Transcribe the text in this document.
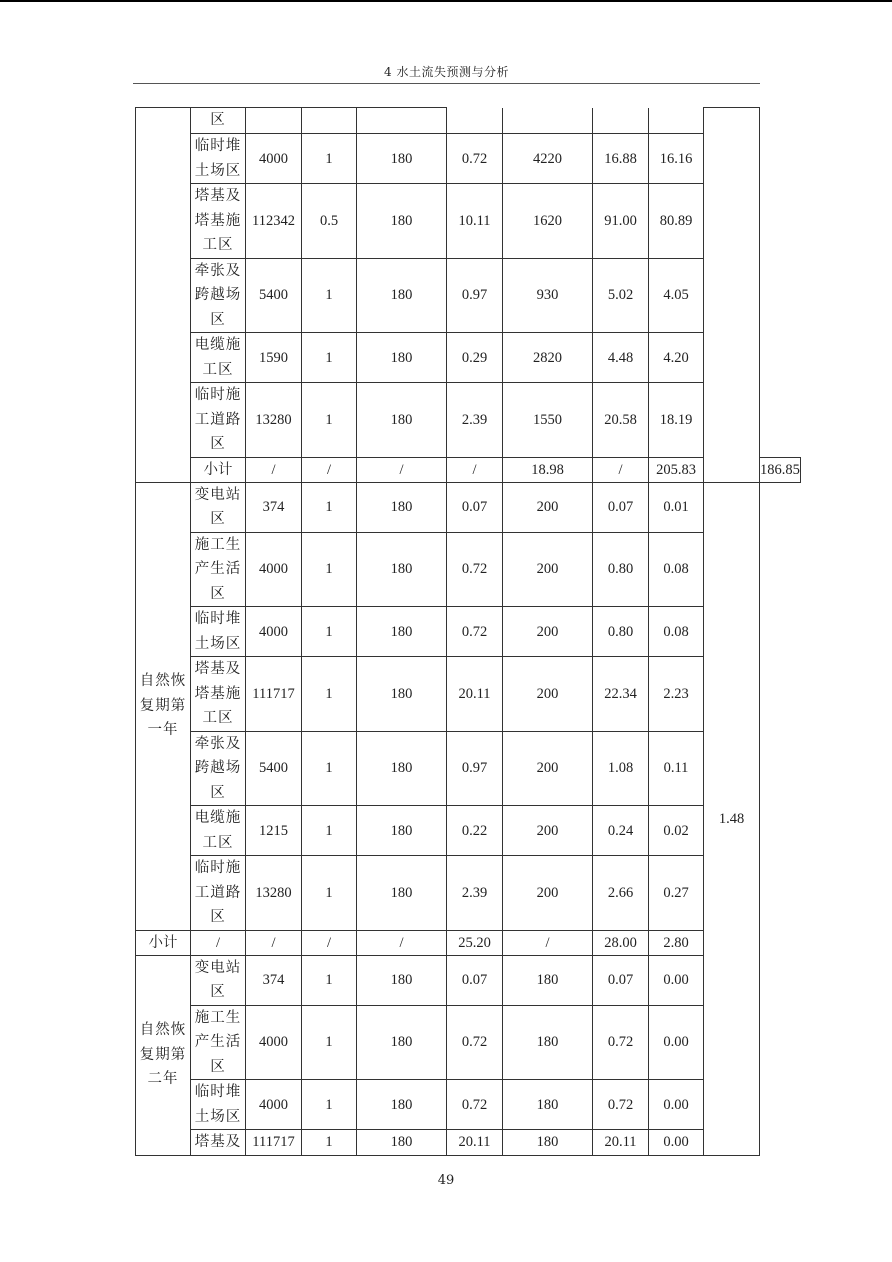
4 水土流失预测与分析
	区									
	临时堆土场区	4000	1	180	0.72	4220	16.88	16.16		
	塔基及塔基施工区	112342	0.5	180	10.11	1620	91.00	80.89		
	牵张及跨越场区	5400	1	180	0.97	930	5.02	4.05		
	电缆施工区	1590	1	180	0.29	2820	4.48	4.20		
	临时施工道路区	13280	1	180	2.39	1550	20.58	18.19		
	小计	/	/	/	/	18.98	/	205.83		186.85
自然恢复期第一年	变电站区	374	1	180	0.07	200	0.07	0.01	1.48	
	施工生产生活区	4000	1	180	0.72	200	0.80	0.08		
	临时堆土场区	4000	1	180	0.72	200	0.80	0.08		
	塔基及塔基施工区	111717	1	180	20.11	200	22.34	2.23		
	牵张及跨越场区	5400	1	180	0.97	200	1.08	0.11		
	电缆施工区	1215	1	180	0.22	200	0.24	0.02		
	临时施工道路区	13280	1	180	2.39	200	2.66	0.27		
小计	/	/	/	/	25.20	/	28.00	2.80		
自然恢复期第二年	变电站区	374	1	180	0.07	180	0.07	0.00		
	施工生产生活区	4000	1	180	0.72	180	0.72	0.00		
	临时堆土场区	4000	1	180	0.72	180	0.72	0.00		
	塔基及	111717	1	180	20.11	180	20.11	0.00		
49
